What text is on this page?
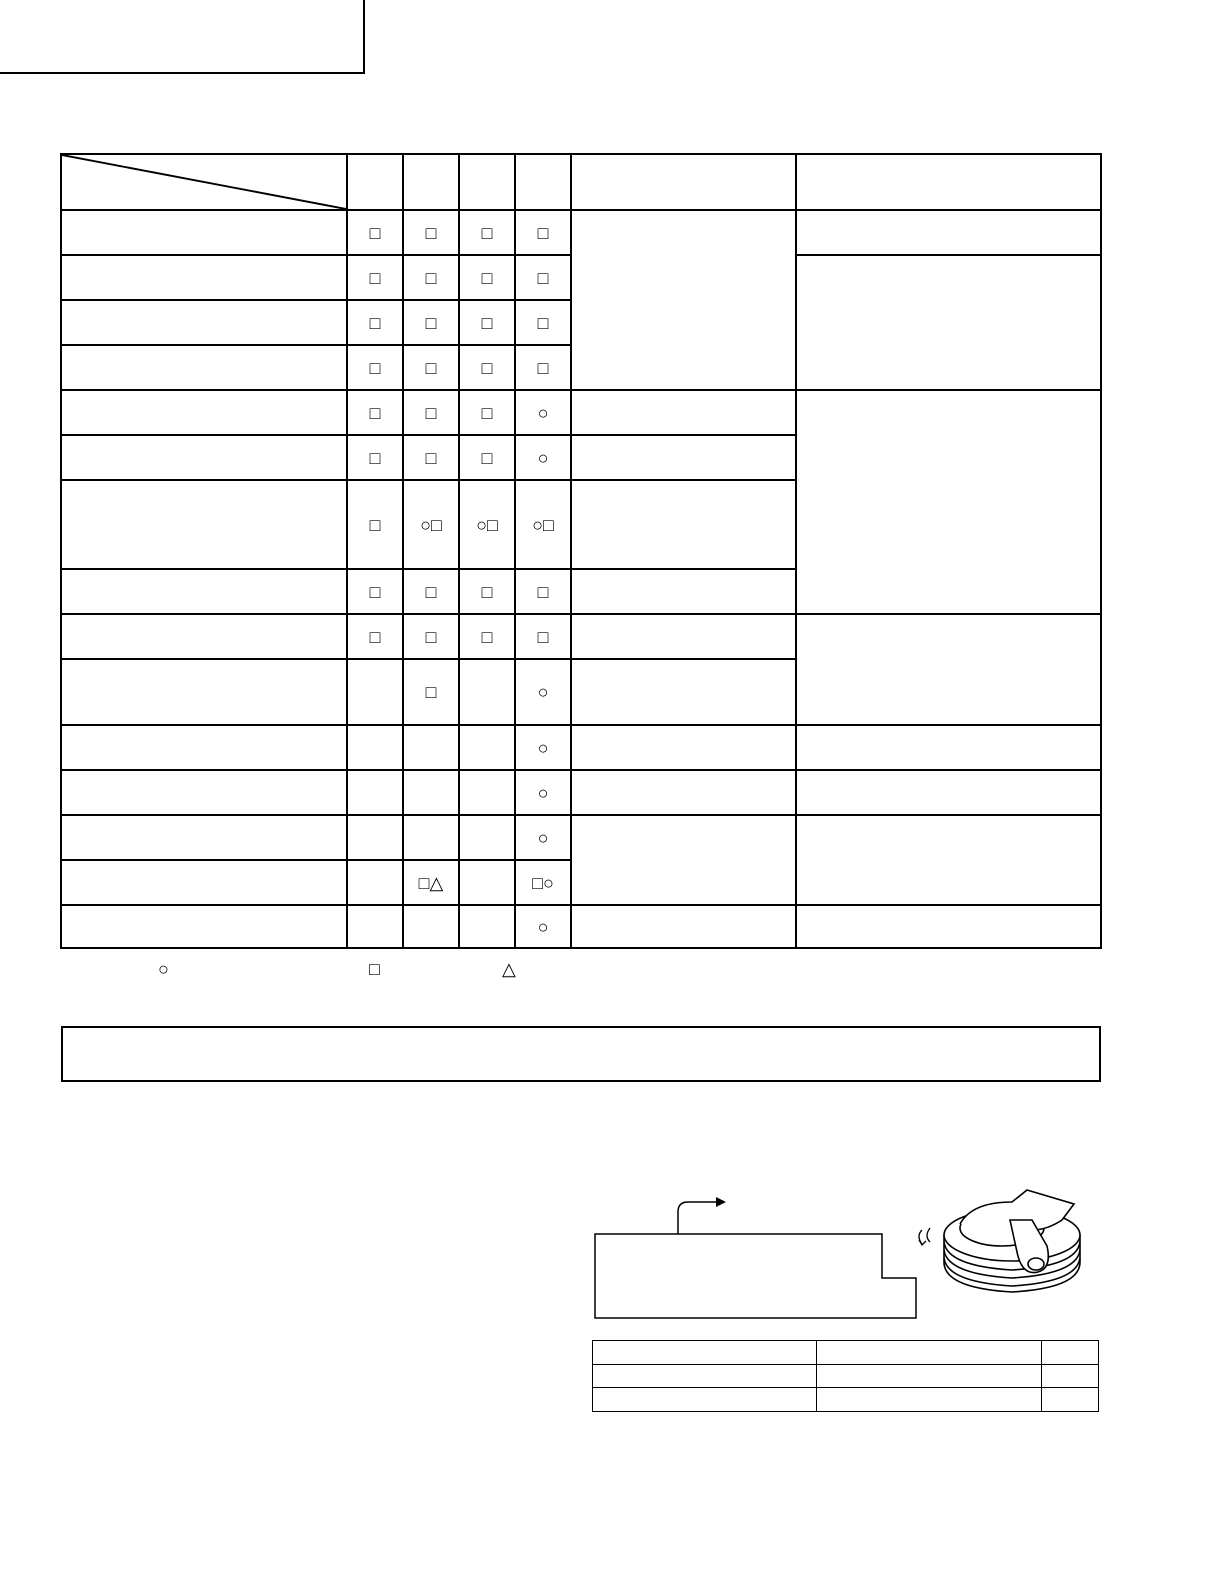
	□	□	□	□		
	□	□	□	□		
	□	□	□	□		
	□	□	□	□		
	□	□	□	○		
	□	□	□	○		
	□	○□	○□	○□		
	□	□	□	□		
	□	□	□	□		
		□		○		
				○		
				○		
				○		
		□△		□○		
				○		
○	□	△
